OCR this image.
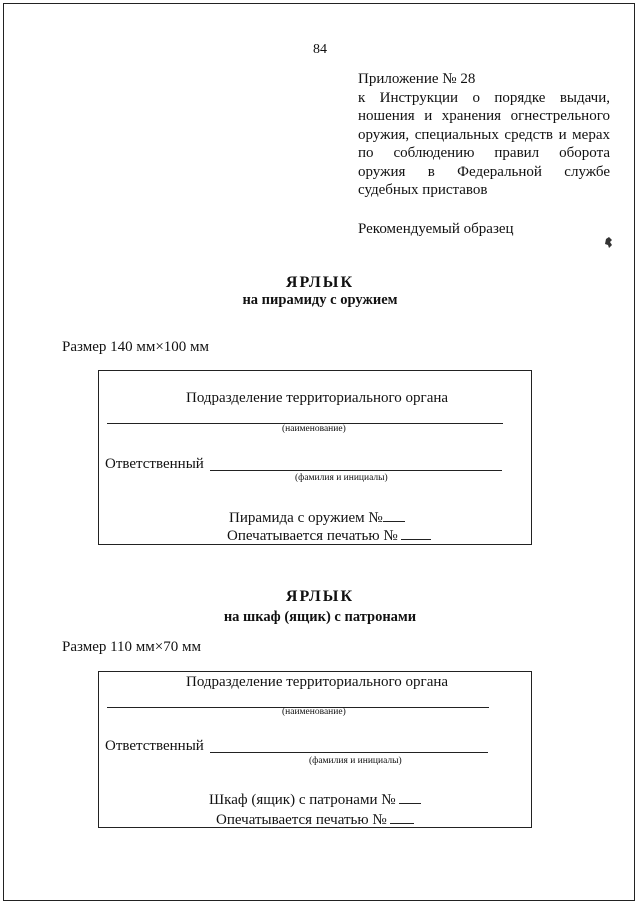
84

Приложение № 28

к Инструкции о порядке выдачи,

ношения и хранения огнестрельного

оружия, специальных средств и мерах

по соблюдению правил оборота

оружия в Федеральной службе

судебных приставов

Рекомендуемый образец

ЯРЛЫК
на пирамиду с оружием
Размер 140 мм×100 мм
Подразделение территориального органа
(наименование)
Ответственный
(фамилия и инициалы)
Пирамида с оружием №
Опечатывается печатью №
ЯРЛЫК
на шкаф (ящик) с патронами
Размер 110 мм×70 мм
Подразделение территориального органа
(наименование)
Ответственный
(фамилия и инициалы)
Шкаф (ящик) с патронами №
Опечатывается печатью №
